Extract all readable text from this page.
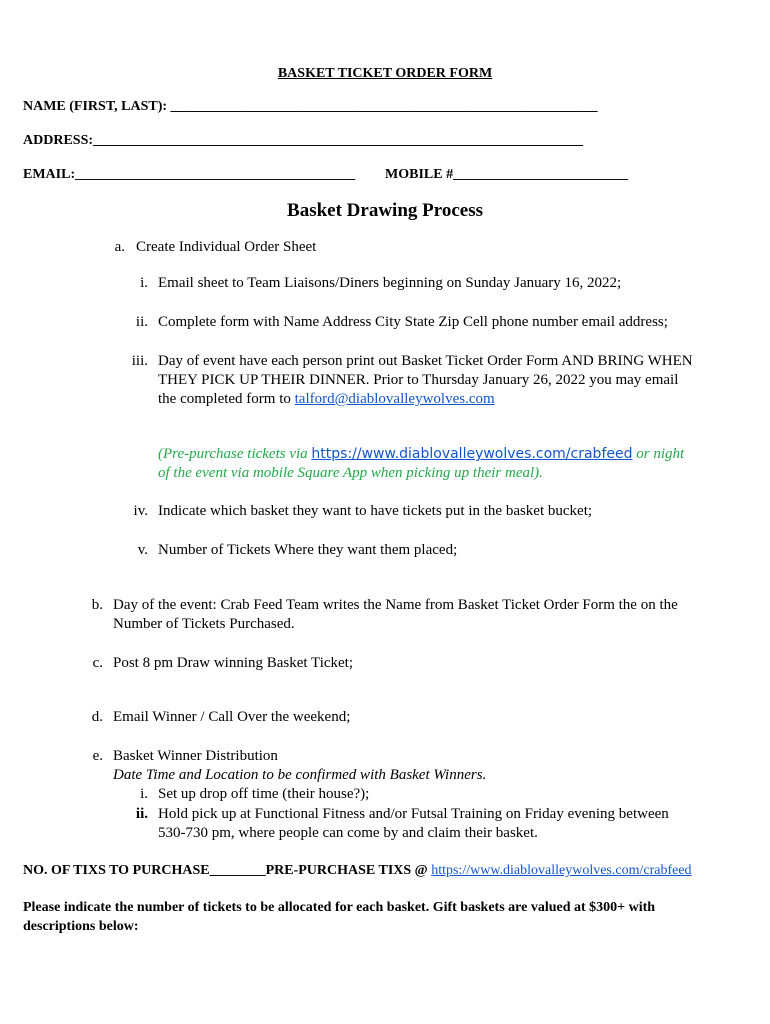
BASKET TICKET ORDER FORM
NAME (FIRST, LAST): _____________________________________________________________
ADDRESS:______________________________________________________________________
EMAIL:________________________________________ MOBILE #_________________________
Basket Drawing Process
a. Create Individual Order Sheet
i. Email sheet to Team Liaisons/Diners beginning on Sunday January 16, 2022;
ii. Complete form with Name Address City State Zip Cell phone number email address;
iii. Day of event have each person print out Basket Ticket Order Form AND BRING WHEN
THEY PICK UP THEIR DINNER. Prior to Thursday January 26, 2022 you may email
the completed form to talford@diablovalleywolves.com
(Pre-purchase tickets via https://www.diablovalleywolves.com/crabfeed or night
of the event via mobile Square App when picking up their meal).
iv. Indicate which basket they want to have tickets put in the basket bucket;
v. Number of Tickets Where they want them placed;
b. Day of the event: Crab Feed Team writes the Name from Basket Ticket Order Form the on the
Number of Tickets Purchased.
c. Post 8 pm Draw winning Basket Ticket;
d. Email Winner / Call Over the weekend;
e. Basket Winner Distribution
Date Time and Location to be confirmed with Basket Winners.
i. Set up drop off time (their house?);
ii. Hold pick up at Functional Fitness and/or Futsal Training on Friday evening between
530-730 pm, where people can come by and claim their basket.
NO. OF TIXS TO PURCHASE________PRE-PURCHASE TIXS @ https://www.diablovalleywolves.com/crabfeed
Please indicate the number of tickets to be allocated for each basket. Gift baskets are valued at $300+ with
descriptions below:
